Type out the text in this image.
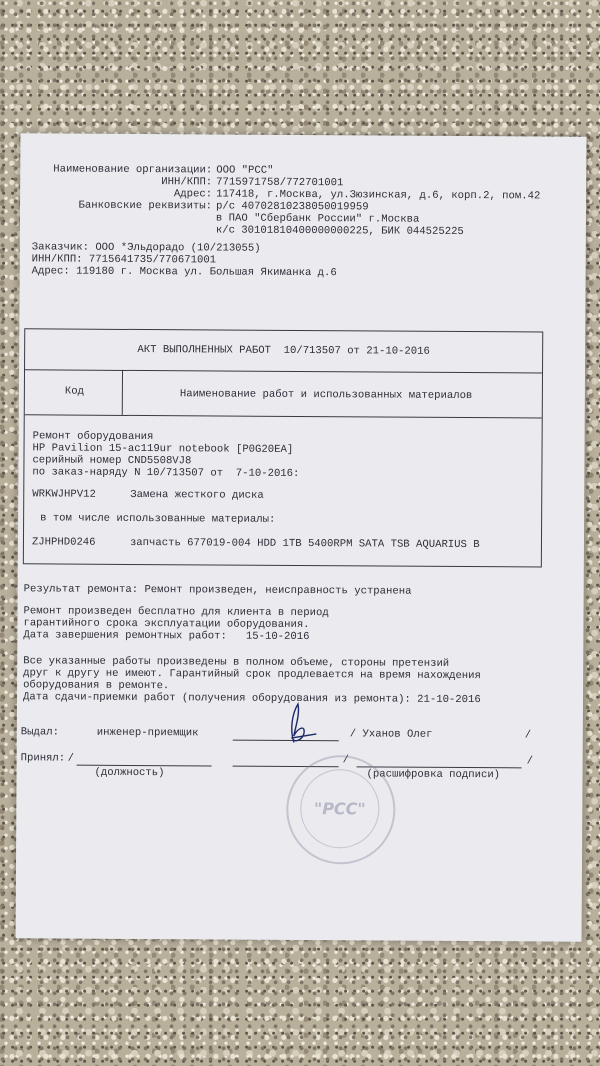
Наименование организации: ООО "РСС"
ИНН/КПП: 7715971758/772701001
Адрес: 117418, г.Москва, ул.Зюзинская, д.6, корп.2, пом.42
Банковские реквизиты: р/с 40702810238050019959
в ПАО "Сбербанк России" г.Москва
к/с 30101810400000000225, БИК 044525225
Заказчик: ООО *Эльдорадо (10/213055)
ИНН/КПП: 7715641735/770671001
Адрес: 119180 г. Москва ул. Большая Якиманка д.6
АКТ ВЫПОЛНЕННЫХ РАБОТ  10/713507 от 21-10-2016
Код	Наименование работ и использованных материалов
Ремонт оборудования
HP Pavilion 15-ac119ur notebook [P0G20EA]
серийный номер CND5508VJ8
по заказ-наряду N 10/713507 от  7-10-2016:
WRKWJHPV12	Замена жесткого диска
в том числе использованные материалы:
ZJHPHD0246	запчасть 677019-004 HDD 1TB 5400RPM SATA TSB AQUARIUS B
Результат ремонта: Ремонт произведен, неисправность устранена
Ремонт произведен бесплатно для клиента в период
гарантийного срока эксплуатации оборудования.
Дата завершения ремонтных работ:   15-10-2016
Все указанные работы произведены в полном объеме, стороны претензий
друг к другу не имеют. Гарантийный срок продлевается на время нахождения
оборудования в ремонте.
Дата сдачи-приемки работ (получения оборудования из ремонта): 21-10-2016
Выдал:	инженер-приемщик	/ Уханов Олег	/
Принял: /	/	/
(должность)	(расшифровка подписи)
"РСС"
